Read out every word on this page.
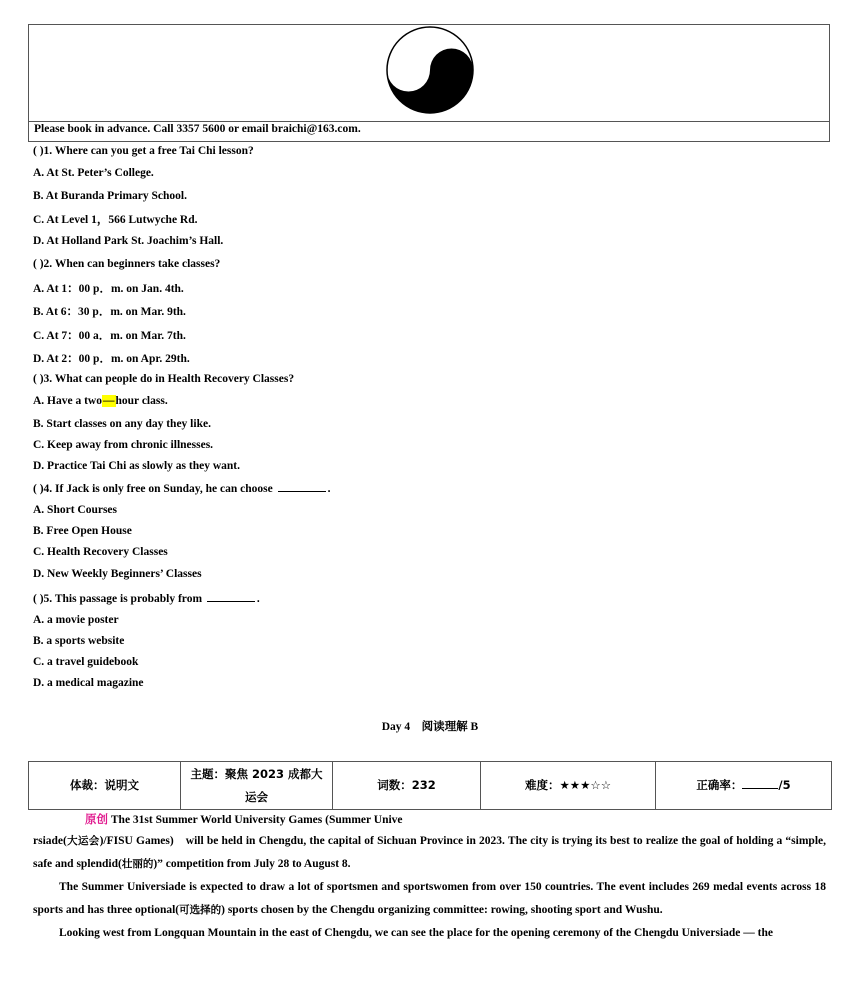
Please book in advance. Call 3357 5600 or email braichi@163.com.
( )1. Where can you get a free Tai Chi lesson?
A. At St. Peter’s College.
B. At Buranda Primary School.
C. At Level 1，566 Lutwyche Rd.
D. At Holland Park St. Joachim’s Hall.
( )2. When can beginners take classes?
A. At 1：00 p．m. on Jan. 4th.
B. At 6：30 p．m. on Mar. 9th.
C. At 7：00 a．m. on Mar. 7th.
D. At 2：00 p．m. on Apr. 29th.
( )3. What can people do in Health Recovery Classes?
A. Have a two—hour class.
B. Start classes on any day they like.
C. Keep away from chronic illnesses.
D. Practice Tai Chi as slowly as they want.
( )4. If Jack is only free on Sunday, he can choose	.
A. Short Courses
B. Free Open House
C. Health Recovery Classes
D. New Weekly Beginners’ Classes
( )5. This passage is probably from	.
A. a movie poster
B. a sports website
C. a travel guidebook
D. a medical magazine
Day 4　阅读理解 B
体裁：说明文	主题：聚焦 2023 成都大
运会	词数：232	难度：★★★☆☆	正确率：	/5
原创 The 31st Summer World University Games (Summer Unive
rsiade(大运会)/FISU Games)　will be held in Chengdu, the capital of Sichuan Province in 2023. The city is trying its best to realize the goal of holding a “simple, safe and splendid(壮丽的)” competition from July 28 to August 8.
The Summer Universiade is expected to draw a lot of sportsmen and sportswomen from over 150 countries. The event includes 269 medal events across 18 sports and has three optional(可选择的) sports chosen by the Chengdu organizing committee: rowing, shooting sport and Wushu.
Looking west from Longquan Mountain in the east of Chengdu, we can see the place for the opening ceremony of the Chengdu Universiade — the
